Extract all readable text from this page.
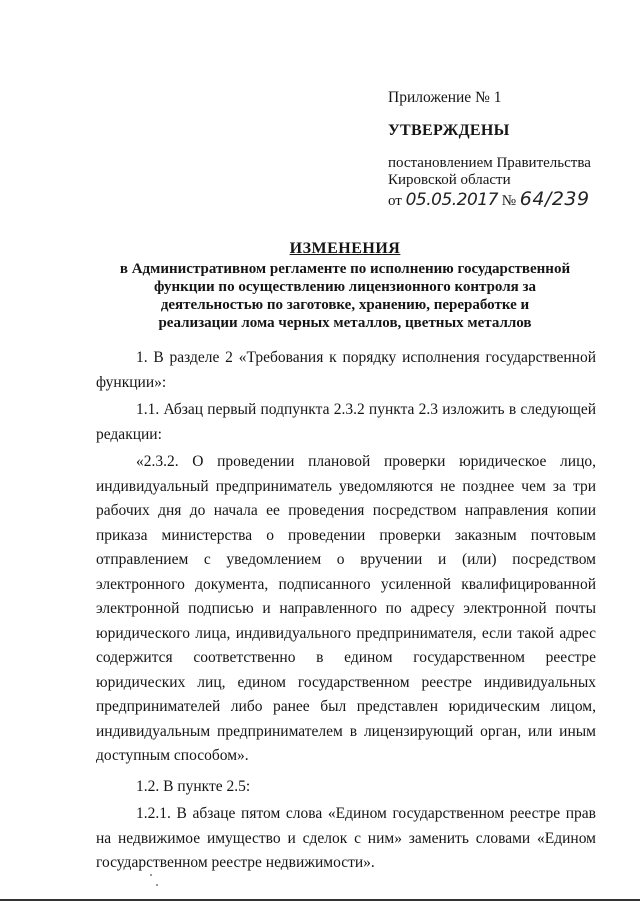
Приложение № 1
УТВЕРЖДЕНЫ
постановлением Правительства
Кировской области
от 05.05.2017 № 64/239
ИЗМЕНЕНИЯ
в Административном регламенте по исполнению государственной
функции по осуществлению лицензионного контроля за
деятельностью по заготовке, хранению, переработке и
реализации лома черных металлов, цветных металлов

1. В разделе 2 «Требования к порядку исполнения государственной функции»:

1.1. Абзац первый подпункта 2.3.2 пункта 2.3 изложить в следующей редакции:

«2.3.2. О проведении плановой проверки юридическое лицо, индивидуальный предприниматель уведомляются не позднее чем за три рабочих дня до начала ее проведения посредством направления копии приказа министерства о проведении проверки заказным почтовым отправлением с уведомлением о вручении и (или) посредством электронного документа, подписанного усиленной квалифицированной электронной подписью и направленного по адресу электронной почты юридического лица, индивидуального предпринимателя, если такой адрес содержится соответственно в едином государственном реестре юридических лиц, едином государственном реестре индивидуальных предпринимателей либо ранее был представлен юридическим лицом, индивидуальным предпринимателем в лицензирующий орган, или иным доступным способом».

1.2. В пункте 2.5:

1.2.1. В абзаце пятом слова «Едином государственном реестре прав на недвижимое имущество и сделок с ним» заменить словами «Едином государственном реестре недвижимости».
